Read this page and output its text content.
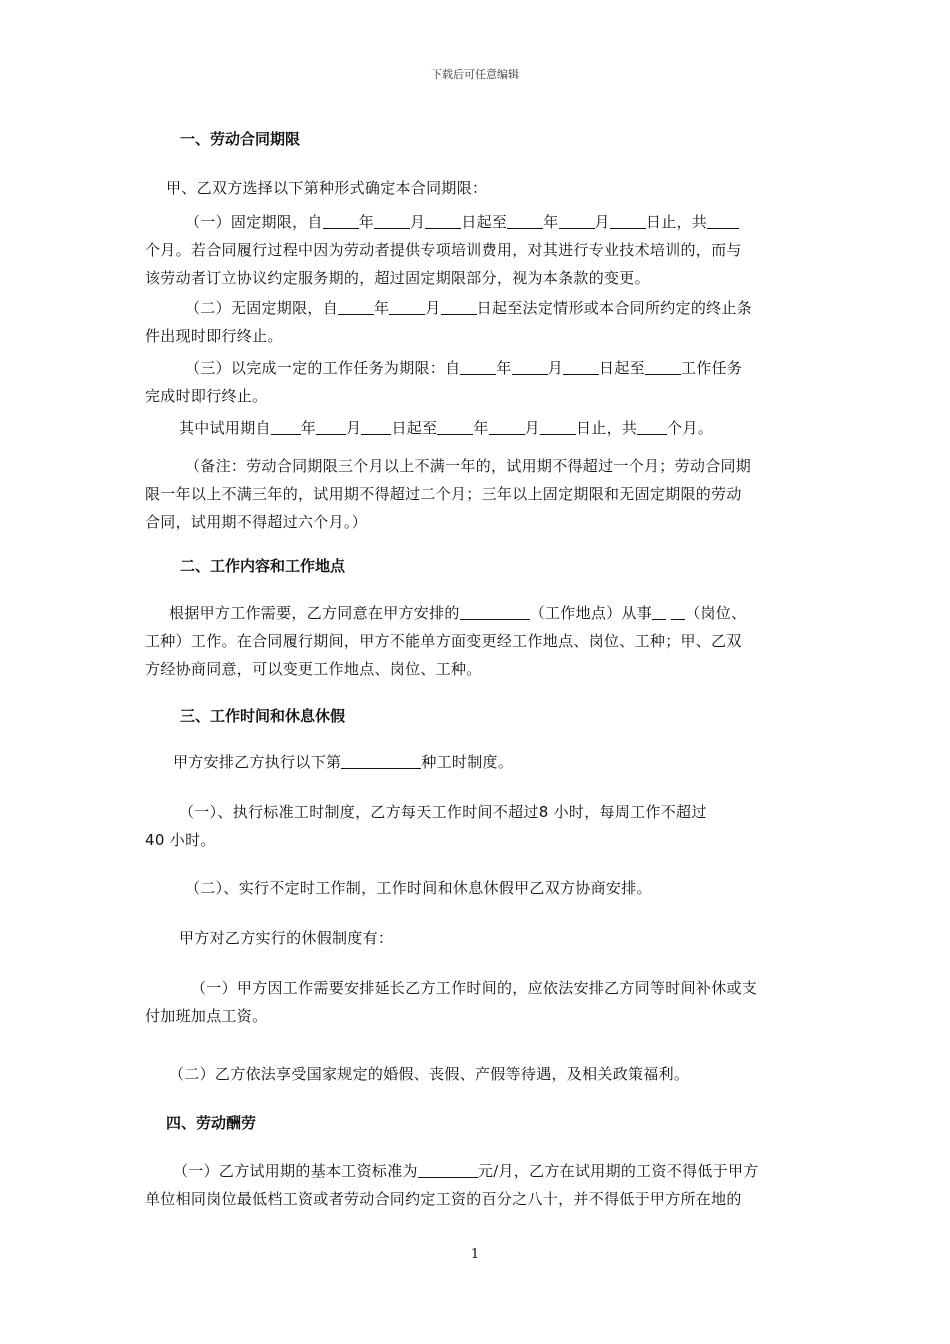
下载后可任意编辑
一、劳动合同期限
甲、乙双方选择以下第种形式确定本合同期限：
（一）固定期限，自 年 月 日起至 年 月 日止，共
个月。若合同履行过程中因为劳动者提供专项培训费用，对其进行专业技术培训的，而与
该劳动者订立协议约定服务期的，超过固定期限部分，视为本条款的变更。
（二）无固定期限，自 年 月 日起至法定情形或本合同所约定的终止条
件出现时即行终止。
（三）以完成一定的工作任务为期限：自 年 月 日起至 工作任务
完成时即行终止。
其中试用期自 年 月 日起至 年 月 日止，共 个月。
（备注：劳动合同期限三个月以上不满一年的，试用期不得超过一个月；劳动合同期
限一年以上不满三年的，试用期不得超过二个月；三年以上固定期限和无固定期限的劳动
合同，试用期不得超过六个月。）
二、工作内容和工作地点
根据甲方工作需要，乙方同意在甲方安排的	（工作地点）从事 （岗位、
工种）工作。在合同履行期间，甲方不能单方面变更经工作地点、岗位、工种；甲、乙双
方经协商同意，可以变更工作地点、岗位、工种。
三、工作时间和休息休假
甲方安排乙方执行以下第	种工时制度。
（一）、执行标准工时制度，乙方每天工作时间不超过8 小时，每周工作不超过
40 小时。
（二）、实行不定时工作制，工作时间和休息休假甲乙双方协商安排。
甲方对乙方实行的休假制度有：
（一）甲方因工作需要安排延长乙方工作时间的，应依法安排乙方同等时间补休或支
付加班加点工资。
（二）乙方依法享受国家规定的婚假、丧假、产假等待遇，及相关政策福利。
四、劳动酬劳
（一）乙方试用期的基本工资标准为	元/月，乙方在试用期的工资不得低于甲方
单位相同岗位最低档工资或者劳动合同约定工资的百分之八十，并不得低于甲方所在地的
1
